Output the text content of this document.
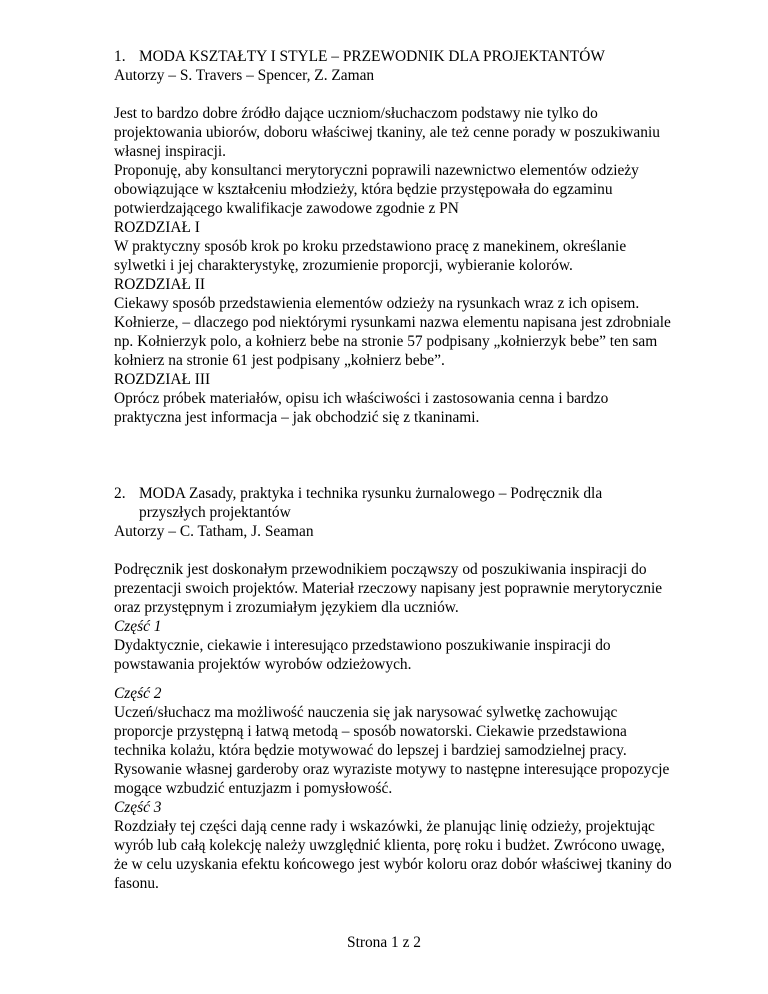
1. MODA KSZTAŁTY I STYLE – PRZEWODNIK DLA PROJEKTANTÓW
Autorzy – S. Travers – Spencer, Z. Zaman
Jest to bardzo dobre źródło dające uczniom/słuchaczom podstawy nie tylko do
projektowania ubiorów, doboru właściwej tkaniny, ale też cenne porady w poszukiwaniu
własnej inspiracji.
Proponuję, aby konsultanci merytoryczni poprawili nazewnictwo elementów odzieży
obowiązujące w kształceniu młodzieży, która będzie przystępowała do egzaminu
potwierdzającego kwalifikacje zawodowe zgodnie z PN
ROZDZIAŁ I
W praktyczny sposób krok po kroku przedstawiono pracę z manekinem, określanie
sylwetki i jej charakterystykę, zrozumienie proporcji, wybieranie kolorów.
ROZDZIAŁ II
Ciekawy sposób przedstawienia elementów odzieży na rysunkach wraz z ich opisem.
Kołnierze, – dlaczego pod niektórymi rysunkami nazwa elementu napisana jest zdrobniale
np. Kołnierzyk polo, a kołnierz bebe na stronie 57 podpisany „kołnierzyk bebe” ten sam
kołnierz na stronie 61 jest podpisany „kołnierz bebe”.
ROZDZIAŁ III
Oprócz próbek materiałów, opisu ich właściwości i zastosowania cenna i bardzo
praktyczna jest informacja – jak obchodzić się z tkaninami.
2. MODA Zasady, praktyka i technika rysunku żurnalowego – Podręcznik dla
przyszłych projektantów
Autorzy – C. Tatham, J. Seaman
Podręcznik jest doskonałym przewodnikiem począwszy od poszukiwania inspiracji do
prezentacji swoich projektów. Materiał rzeczowy napisany jest poprawnie merytorycznie
oraz przystępnym i zrozumiałym językiem dla uczniów.
Część 1
Dydaktycznie, ciekawie i interesująco przedstawiono poszukiwanie inspiracji do
powstawania projektów wyrobów odzieżowych.
Część 2
Uczeń/słuchacz ma możliwość nauczenia się jak narysować sylwetkę zachowując
proporcje przystępną i łatwą metodą – sposób nowatorski. Ciekawie przedstawiona
technika kolażu, która będzie motywować do lepszej i bardziej samodzielnej pracy.
Rysowanie własnej garderoby oraz wyraziste motywy to następne interesujące propozycje
mogące wzbudzić entuzjazm i pomysłowość.
Część 3
Rozdziały tej części dają cenne rady i wskazówki, że planując linię odzieży, projektując
wyrób lub całą kolekcję należy uwzględnić klienta, porę roku i budżet. Zwrócono uwagę,
że w celu uzyskania efektu końcowego jest wybór koloru oraz dobór właściwej tkaniny do
fasonu.
Strona 1 z 2
